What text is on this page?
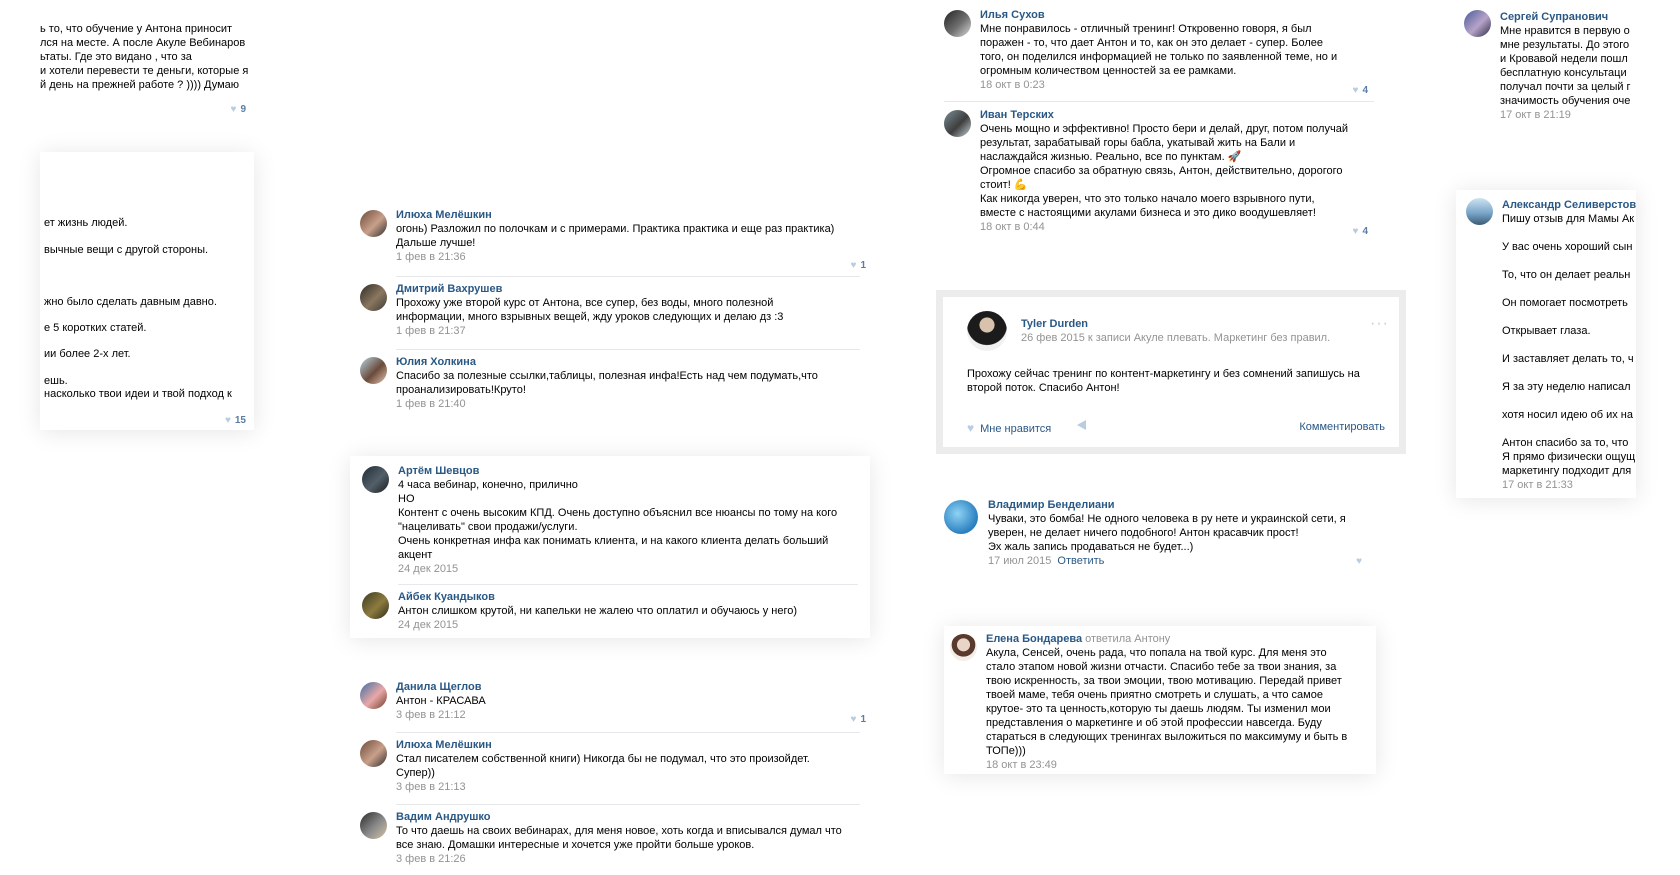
ь то, что обучение у Антона приносит
лся на месте. А после Акуле Вебинаров
ьтаты. Где это видано , что за
и хотели перевести те деньги, которые я
й день на прежней работе ? )))) Думаю
♥ 9
ет жизнь людей.
вычные вещи с другой стороны.
жно было сделать давным давно.
е 5 коротких статей.
ии более 2-х лет.
ешь.
насколько твои идеи и твой подход к
♥ 15
Илюха Мелёшкин
огонь) Разложил по полочкам и с примерами. Практика практика и еще раз практика)
Дальше лучше!
1 фев в 21:36
♥ 1
Дмитрий Вахрушев
Прохожу уже второй курс от Антона, все супер, без воды, много полезной
информации, много взрывных вещей, жду уроков следующих и делаю дз :3
1 фев в 21:37
Юлия Холкина
Спасибо за полезные ссылки,таблицы, полезная инфа!Есть над чем подумать,что
проанализировать!Круто!
1 фев в 21:40
Артём Шевцов
4 часа вебинар, конечно, прилично
НО
Контент с очень высоким КПД. Очень доступно объяснил все нюансы по тому на кого
"нацеливать" свои продажи/услуги.
Очень конкретная инфа как понимать клиента, и на какого клиента делать больший
акцент
24 дек 2015
Айбек Куандыков
Антон слишком крутой, ни капельки не жалею что оплатил и обучаюсь у него)
24 дек 2015
Данила Щеглов
Антон - КРАСАВА
3 фев в 21:12	♥ 1
Илюха Мелёшкин
Стал писателем собственной книги) Никогда бы не подумал, что это произойдет.
Супер))
3 фев в 21:13
Вадим Андрушко
То что даешь на своих вебинарах, для меня новое, хоть когда и вписывался думал что
все знаю. Домашки интересные и хочется уже пройти больше уроков.
3 фев в 21:26
Илья Сухов
Мне понравилось - отличный тренинг! Откровенно говоря, я был
поражен - то, что дает Антон и то, как он это делает - супер. Более
того, он поделился информацией не только по заявленной теме, но и
огромным количеством ценностей за ее рамками.
18 окт в 0:23	♥ 4
Иван Терских
Очень мощно и эффективно! Просто бери и делай, друг, потом получай
результат, зарабатывай горы бабла, укатывай жить на Бали и
наслаждайся жизнью. Реально, все по пунктам. 🚀
Огромное спасибо за обратную связь, Антон, действительно, дорогого
стоит! 💪
Как никогда уверен, что это только начало моего взрывного пути,
вместе с настоящими акулами бизнеса и это дико воодушевляет!
18 окт в 0:44	♥ 4
Tyler Durden
26 фев 2015 к записи Акуле плевать. Маркетинг без правил.
···
Прохожу сейчас тренинг по контент-маркетингу и без сомнений запишусь на
второй поток. Спасибо Антон!
♥ Мне нравится	Комментировать
Владимир Бенделиани
Чуваки, это бомба! Не одного человека в ру нете и украинской сети, я
уверен, не делает ничего подобного! Антон красавчик прост!
Эх жаль запись продаваться не будет...)
17 июл 2015 Ответить	♥
Елена Бондарева ответила Антону
Акула, Сенсей, очень рада, что попала на твой курс. Для меня это
стало этапом новой жизни отчасти. Спасибо тебе за твои знания, за
твою искренность, за твои эмоции, твою мотивацию. Передай привет
твоей маме, тебя очень приятно смотреть и слушать, а что самое
крутое- это та ценность,которую ты даешь людям. Ты изменил мои
представления о маркетинге и об этой профессии навсегда. Буду
стараться в следующих тренингах выложиться по максимуму и быть в
ТОПе)))
18 окт в 23:49
Сергей Супранович
Мне нравится в первую о
мне результаты. До этого
и Кровавой недели пошл
бесплатную консультаци
получал почти за целый г
значимость обучения оче
17 окт в 21:19
Александр Селиверстов
Пишу отзыв для Мамы Ак
У вас очень хороший сын
То, что он делает реальн
Он помогает посмотреть
Открывает глаза.
И заставляет делать то, ч
Я за эту неделю написал
хотя носил идею об их на
Антон спасибо за то, что
Я прямо физически ощущ
маркетингу подходит для
17 окт в 21:33
